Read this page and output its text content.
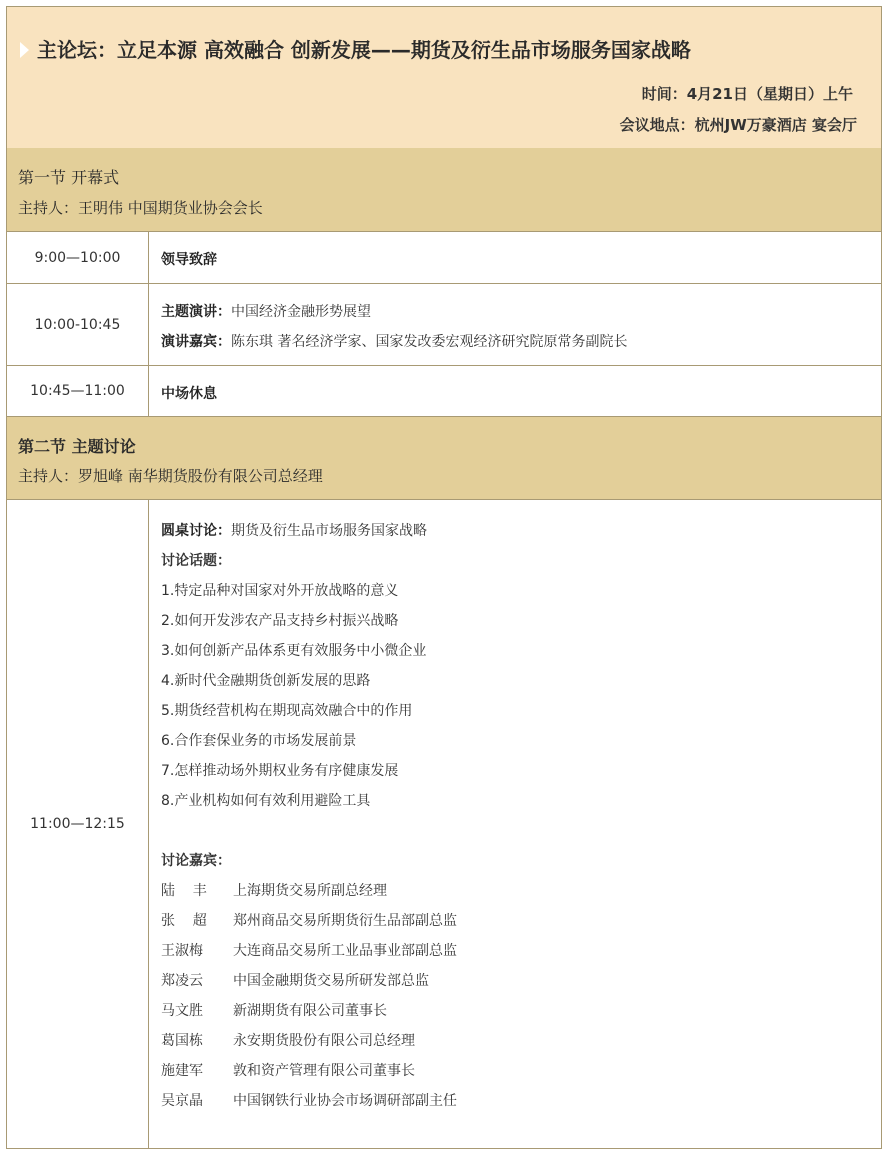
主论坛：立足本源 高效融合 创新发展——期货及衍生品市场服务国家战略
时间：4月21日（星期日）上午
会议地点：杭州JW万豪酒店 宴会厅
第一节 开幕式
主持人：王明伟 中国期货业协会会长
9:00—10:00	领导致辞
10:00-10:45
主题演讲：中国经济金融形势展望
演讲嘉宾：陈东琪 著名经济学家、国家发改委宏观经济研究院原常务副院长
10:45—11:00	中场休息
第二节 主题讨论
主持人：罗旭峰 南华期货股份有限公司总经理
11:00—12:15
圆桌讨论：期货及衍生品市场服务国家战略
讨论话题：
1.特定品种对国家对外开放战略的意义
2.如何开发涉农产品支持乡村振兴战略
3.如何创新产品体系更有效服务中小微企业
4.新时代金融期货创新发展的思路
5.期货经营机构在期现高效融合中的作用
6.合作套保业务的市场发展前景
7.怎样推动场外期权业务有序健康发展
8.产业机构如何有效利用避险工具
讨论嘉宾：
陆    丰 上海期货交易所副总经理
张    超 郑州商品交易所期货衍生品部副总监
王淑梅 大连商品交易所工业品事业部副总监
郑凌云 中国金融期货交易所研发部总监
马文胜 新湖期货有限公司董事长
葛国栋 永安期货股份有限公司总经理
施建军 敦和资产管理有限公司董事长
吴京晶 中国钢铁行业协会市场调研部副主任
